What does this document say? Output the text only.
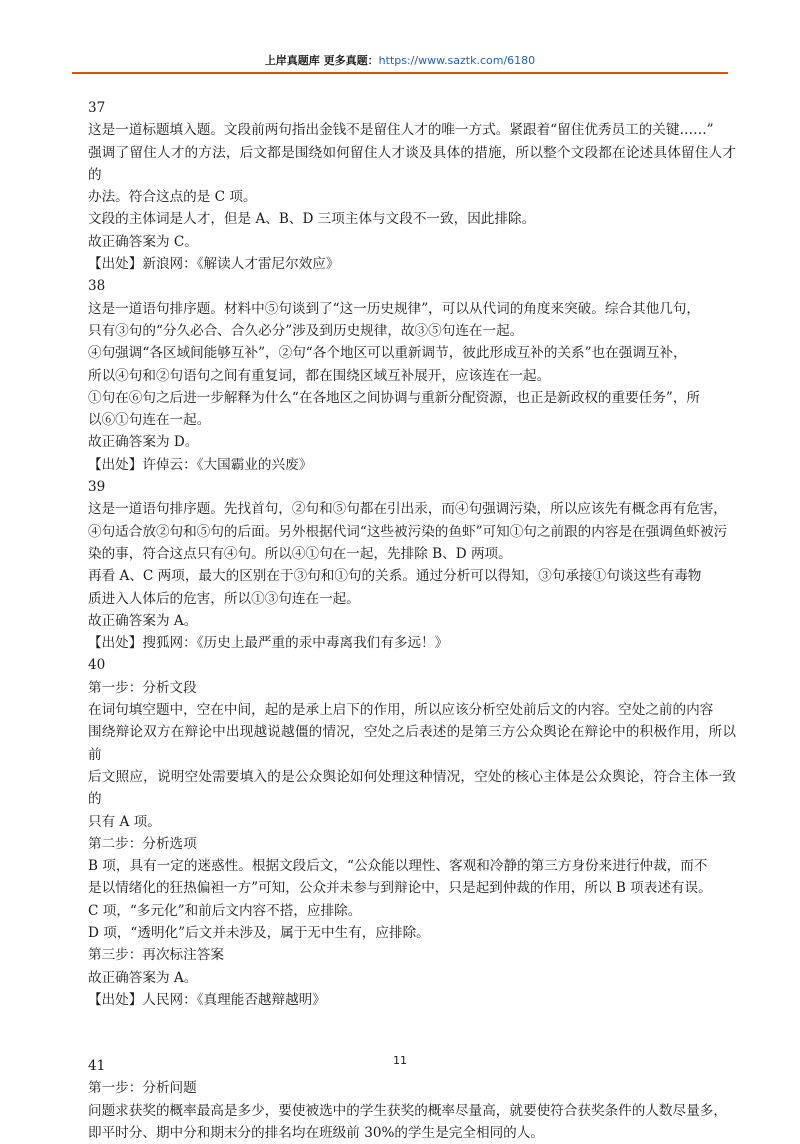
上岸真题库 更多真题：https://www.saztk.com/6180

37

这是一道标题填入题。文段前两句指出金钱不是留住人才的唯一方式。紧跟着“留住优秀员工的关键……”

强调了留住人才的方法，后文都是围绕如何留住人才谈及具体的措施，所以整个文段都在论述具体留住人才的

办法。符合这点的是 C 项。

文段的主体词是人才，但是 A、B、D 三项主体与文段不一致，因此排除。

故正确答案为 C。

【出处】新浪网：《解读人才雷尼尔效应》

38

这是一道语句排序题。材料中⑤句谈到了“这一历史规律”，可以从代词的角度来突破。综合其他几句，

只有③句的“分久必合、合久必分”涉及到历史规律，故③⑤句连在一起。

④句强调“各区域间能够互补”，②句“各个地区可以重新调节，彼此形成互补的关系”也在强调互补，

所以④句和②句语句之间有重复词，都在围绕区域互补展开，应该连在一起。

①句在⑥句之后进一步解释为什么“在各地区之间协调与重新分配资源，也正是新政权的重要任务”，所

以⑥①句连在一起。

故正确答案为 D。

【出处】许倬云：《大国霸业的兴废》

39

这是一道语句排序题。先找首句，②句和⑤句都在引出汞，而④句强调污染，所以应该先有概念再有危害，

④句适合放②句和⑤句的后面。另外根据代词“这些被污染的鱼虾”可知①句之前跟的内容是在强调鱼虾被污

染的事，符合这点只有④句。所以④①句在一起，先排除 B、D 两项。

再看 A、C 两项，最大的区别在于③句和①句的关系。通过分析可以得知，③句承接①句谈这些有毒物

质进入人体后的危害，所以①③句连在一起。

故正确答案为 A。

【出处】搜狐网：《历史上最严重的汞中毒离我们有多远！》

40

第一步：分析文段

在词句填空题中，空在中间，起的是承上启下的作用，所以应该分析空处前后文的内容。空处之前的内容

围绕辩论双方在辩论中出现越说越僵的情况，空处之后表述的是第三方公众舆论在辩论中的积极作用，所以前

后文照应，说明空处需要填入的是公众舆论如何处理这种情况，空处的核心主体是公众舆论，符合主体一致的

只有 A 项。

第二步：分析选项

B 项，具有一定的迷惑性。根据文段后文，“公众能以理性、客观和冷静的第三方身份来进行仲裁，而不

是以情绪化的狂热偏袒一方”可知，公众并未参与到辩论中，只是起到仲裁的作用，所以 B 项表述有误。

C 项，“多元化”和前后文内容不搭，应排除。

D 项，“透明化”后文并未涉及，属于无中生有，应排除。

第三步：再次标注答案

故正确答案为 A。

【出处】人民网：《真理能否越辩越明》

41

第一步：分析问题

问题求获奖的概率最高是多少，要使被选中的学生获奖的概率尽量高，就要使符合获奖条件的人数尽量多，

即平时分、期中分和期末分的排名均在班级前 30%的学生是完全相同的人。

11
